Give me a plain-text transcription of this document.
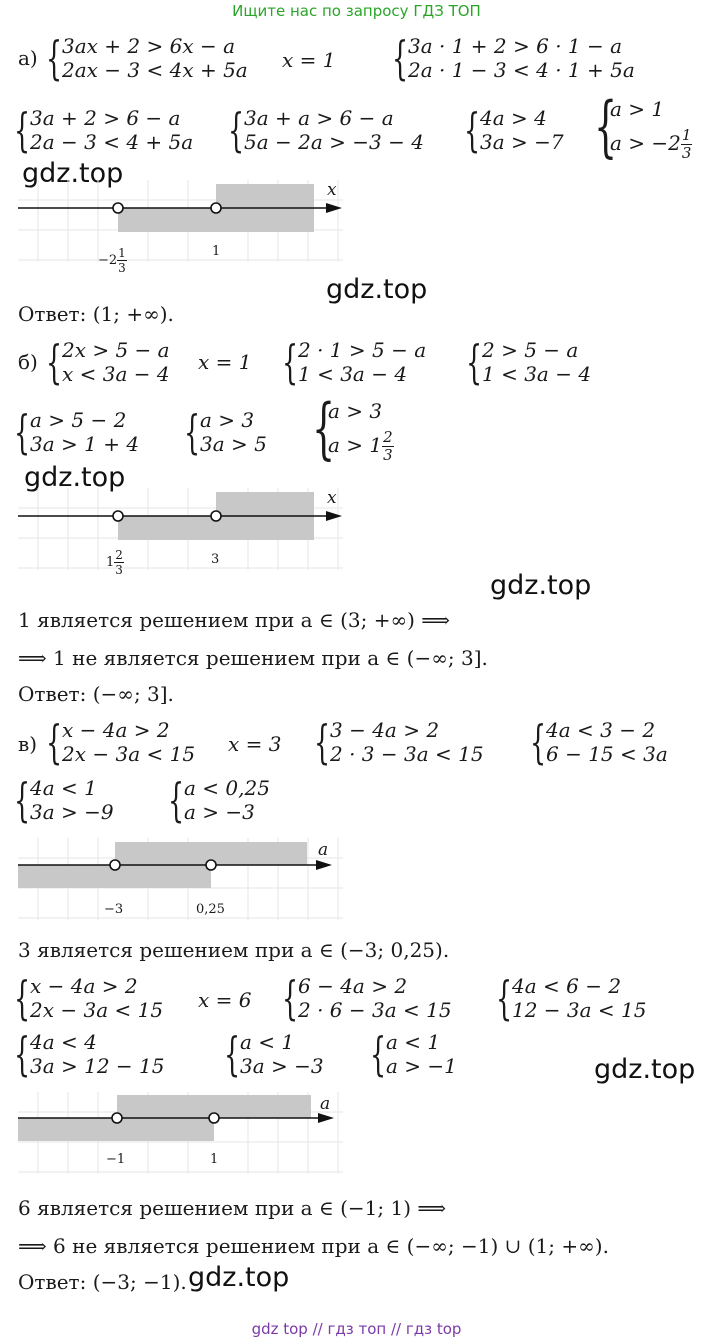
Ищите нас по запросу ГДЗ ТОП
а) { 3ax + 2 > 6x − a
2ax − 3 < 4x + 5a x = 1 { 3a · 1 + 2 > 6 · 1 − a
2a · 1 − 3 < 4 · 1 + 5a
{ 3a + 2 > 6 − a
2a − 3 < 4 + 5a { 3a + a > 6 − a
5a − 2a > −3 − 4 { 4a > 4
3a > −7 {
a > 1
$a > -2 \frac{1}{3}$
gdz.top
x
$-2 \frac{1}{3}$	1
gdz.top
Ответ: (1; +∞).
б) { 2x > 5 − a
x < 3a − 4 x = 1 { 2 · 1 > 5 − a
1 < 3a − 4	{ 2 > 5 − a
1 < 3a − 4
{ a > 5 − 2
3a > 1 + 4 { a > 3
3a > 5 {
a > 3
$a > 1 \frac{2}{3}$
gdz.top
x
$1 \frac{2}{3}$	3
gdz.top
1 является решением при a ∈ (3; +∞) ⟹
⟹ 1 не является решением при a ∈ (−∞; 3].
Ответ: (−∞; 3].
в) { x − 4a > 2
2x − 3a < 15 x = 3 { 3 − 4a > 2
2 · 3 − 3a < 15 { 4a < 3 − 2
6 − 15 < 3a
{ 4a < 1
3a > −9 { a < 0,25
a > −3
a
−3	0,25
3 является решением при a ∈ (−3; 0,25).
{ x − 4a > 2
2x − 3a < 15 x = 6 { 6 − 4a > 2
2 · 6 − 3a < 15 { 4a < 6 − 2
12 − 3a < 15
{ 4a < 4
3a > 12 − 15 { a < 1
3a > −3 { a < 1
a > −1	gdz.top
a
−1	1
6 является решением при a ∈ (−1; 1) ⟹
⟹ 6 не является решением при a ∈ (−∞; −1) ∪ (1; +∞).
Ответ: (−3; −1). gdz.top
gdz top // гдз топ // гдз top
